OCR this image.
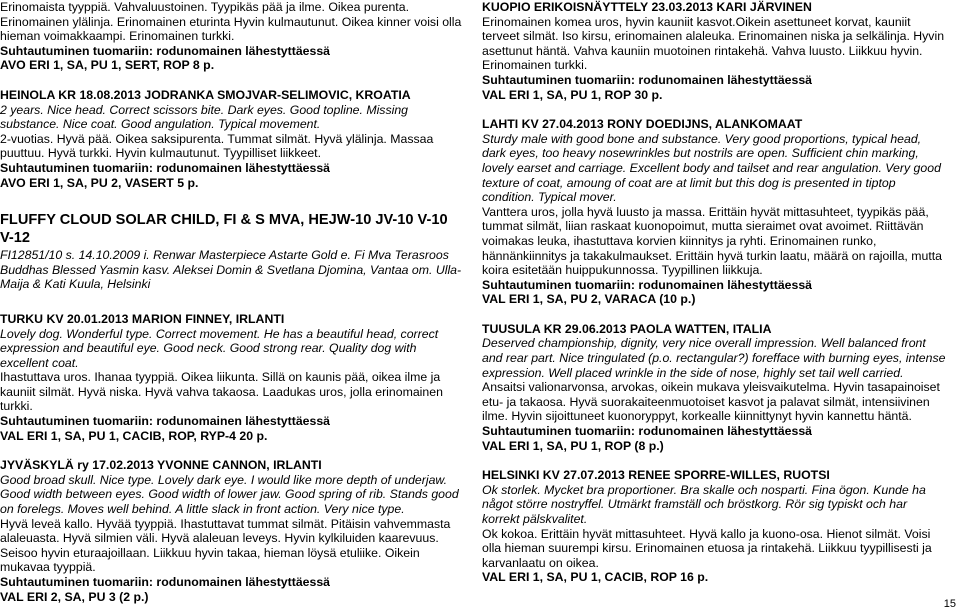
Erinomaista tyyppiä. Vahvaluustoinen. Tyypikäs pää ja ilme. Oikea purenta.

Erinomainen ylälinja. Erinomainen eturinta Hyvin kulmautunut. Oikea kinner voisi olla

hieman voimakkaampi. Erinomainen turkki.

Suhtautuminen tuomariin: rodunomainen lähestyttäessä

AVO ERI 1, SA, PU 1, SERT, ROP 8 p.

HEINOLA KR 18.08.2013 JODRANKA SMOJVAR-SELIMOVIC, KROATIA

2 years. Nice head. Correct scissors bite. Dark eyes. Good topline. Missing

substance. Nice coat. Good angulation. Typical movement.

2-vuotias. Hyvä pää. Oikea saksipurenta. Tummat silmät. Hyvä ylälinja. Massaa

puuttuu. Hyvä turkki. Hyvin kulmautunut. Tyypilliset liikkeet.

Suhtautuminen tuomariin: rodunomainen lähestyttäessä

AVO ERI 1, SA, PU 2, VASERT 5 p.

FLUFFY CLOUD SOLAR CHILD, FI & S MVA, HEJW-10 JV-10 V-10
V-12

FI12851/10 s. 14.10.2009 i. Renwar Masterpiece Astarte Gold e. Fi Mva Terasroos

Buddhas Blessed Yasmin kasv. Aleksei Domin & Svetlana Djomina, Vantaa om. Ulla-

Maija & Kati Kuula, Helsinki

TURKU KV 20.01.2013 MARION FINNEY, IRLANTI

Lovely dog. Wonderful type. Correct movement. He has a beautiful head, correct

expression and beautiful eye. Good neck. Good strong rear. Quality dog with

excellent coat.

Ihastuttava uros. Ihanaa tyyppiä. Oikea liikunta. Sillä on kaunis pää, oikea ilme ja

kauniit silmät. Hyvä niska. Hyvä vahva takaosa. Laadukas uros, jolla erinomainen

turkki.

Suhtautuminen tuomariin: rodunomainen lähestyttäessä

VAL ERI 1, SA, PU 1, CACIB, ROP, RYP-4 20 p.

JYVÄSKYLÄ ry 17.02.2013 YVONNE CANNON, IRLANTI

Good broad skull. Nice type. Lovely dark eye. I would like more depth of underjaw.

Good width between eyes. Good width of lower jaw. Good spring of rib. Stands good

on forelegs. Moves well behind. A little slack in front action. Very nice type.

Hyvä leveä kallo. Hyvää tyyppiä. Ihastuttavat tummat silmät. Pitäisin vahvemmasta

alaleuasta. Hyvä silmien väli. Hyvä alaleuan leveys. Hyvin kylkiluiden kaarevuus.

Seisoo hyvin eturaajoillaan. Liikkuu hyvin takaa, hieman löysä etuliike. Oikein

mukavaa tyyppiä.

Suhtautuminen tuomariin: rodunomainen lähestyttäessä

VAL ERI 2, SA, PU 3 (2 p.)

KUOPIO ERIKOISNÄYTTELY 23.03.2013 KARI JÄRVINEN

Erinomainen komea uros, hyvin kauniit kasvot.Oikein asettuneet korvat, kauniit

terveet silmät. Iso kirsu, erinomainen alaleuka. Erinomainen niska ja selkälinja. Hyvin

asettunut häntä. Vahva kauniin muotoinen rintakehä. Vahva luusto. Liikkuu hyvin.

Erinomainen turkki.

Suhtautuminen tuomariin: rodunomainen lähestyttäessä

VAL ERI 1, SA, PU 1, ROP 30 p.

LAHTI KV 27.04.2013 RONY DOEDIJNS, ALANKOMAAT

Sturdy male with good bone and substance. Very good proportions, typical head,

dark eyes, too heavy nosewrinkles but nostrils are open. Sufficient chin marking,

lovely earset and carriage. Excellent body and tailset and rear angulation. Very good

texture of coat, amoung of coat are at limit but this dog is presented in tiptop

condition. Typical mover.

Vanttera uros, jolla hyvä luusto ja massa. Erittäin hyvät mittasuhteet, tyypikäs pää,

tummat silmät, liian raskaat kuonopoimut, mutta sieraimet ovat avoimet. Riittävän

voimakas leuka, ihastuttava korvien kiinnitys ja ryhti. Erinomainen runko,

hännänkiinnitys ja takakulmaukset. Erittäin hyvä turkin laatu, määrä on rajoilla, mutta

koira esitetään huippukunnossa. Tyypillinen liikkuja.

Suhtautuminen tuomariin: rodunomainen lähestyttäessä

VAL ERI 1, SA, PU 2, VARACA (10 p.)

TUUSULA KR 29.06.2013 PAOLA WATTEN, ITALIA

Deserved championship, dignity, very nice overall impression. Well balanced front

and rear part. Nice tringulated (p.o. rectangular?) forefface with burning eyes, intense

expression. Well placed wrinkle in the side of nose, highly set tail well carried.

Ansaitsi valionarvonsa, arvokas, oikein mukava yleisvaikutelma. Hyvin tasapainoiset

etu- ja takaosa. Hyvä suorakaiteenmuotoiset kasvot ja palavat silmät, intensiivinen

ilme. Hyvin sijoittuneet kuonoryppyt, korkealle kiinnittynyt hyvin kannettu häntä.

Suhtautuminen tuomariin: rodunomainen lähestyttäessä

VAL ERI 1, SA, PU 1, ROP (8 p.)

HELSINKI KV 27.07.2013 RENEE SPORRE-WILLES, RUOTSI

Ok storlek. Mycket bra proportioner. Bra skalle och nosparti. Fina ögon. Kunde ha

något större nostryffel. Utmärkt framställ och bröstkorg. Rör sig typiskt och har

korrekt pälskvalitet.

Ok kokoa. Erittäin hyvät mittasuhteet. Hyvä kallo ja kuono-osa. Hienot silmät. Voisi

olla hieman suurempi kirsu. Erinomainen etuosa ja rintakehä. Liikkuu tyypillisesti ja

karvanlaatu on oikea.

VAL ERI 1, SA, PU 1, CACIB, ROP 16 p.

15
